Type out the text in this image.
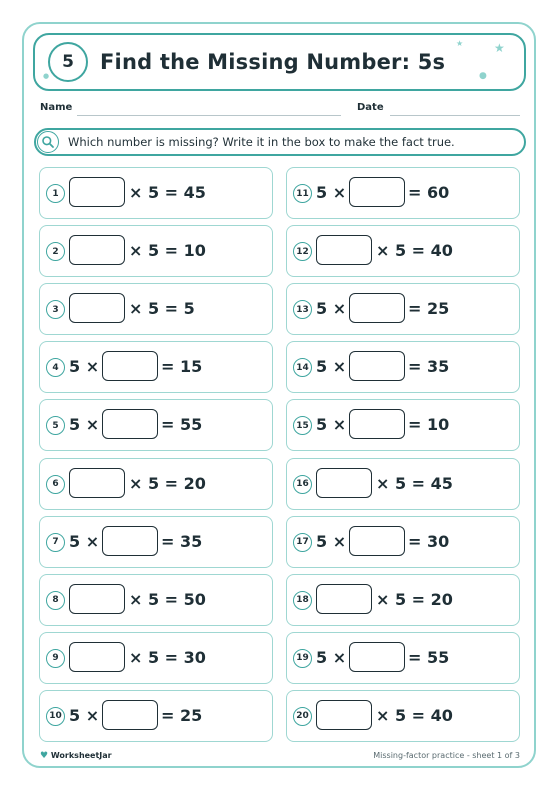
5	Find the Missing Number: 5s
★	★
●
●
Name	Date
Which number is missing? Write it in the box to make the fact true.
1	× 5 = 45
2	× 5 = 10
3	× 5 = 5
4 5 ×	= 15
5 5 ×	= 55
6	× 5 = 20
7 5 ×	= 35
8	× 5 = 50
9	× 5 = 30
10 5 ×	= 25
11 5 ×	= 60
12	× 5 = 40
13 5 ×	= 25
14 5 ×	= 35
15 5 ×	= 10
16	× 5 = 45
17 5 ×	= 30
18	× 5 = 20
19 5 ×	= 55
20	× 5 = 40
♥ WorksheetJar	Missing-factor practice - sheet 1 of 3
